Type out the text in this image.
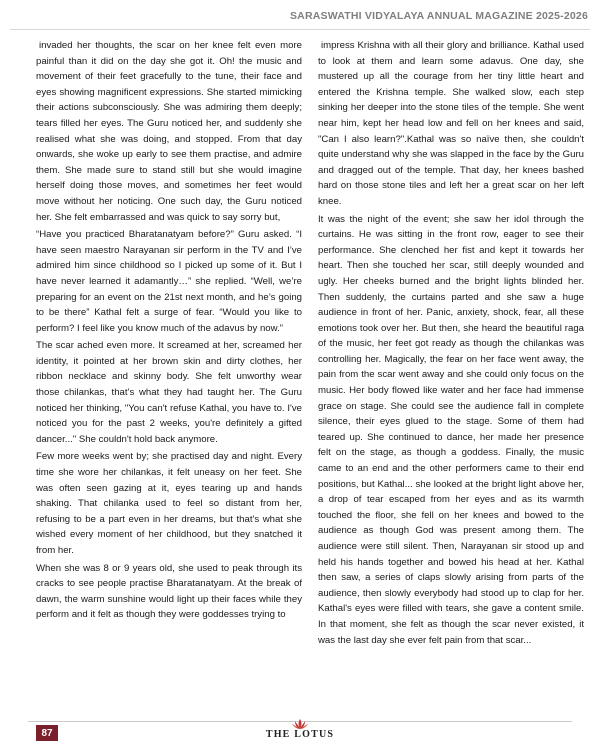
SARASWATHI VIDYALAYA ANNUAL MAGAZINE 2025-2026

invaded her thoughts, the scar on her knee felt even more painful than it did on the day she got it. Oh! the music and movement of their feet gracefully to the tune, their face and eyes showing magnificent expressions. She started mimicking their actions subconsciously. She was admiring them deeply; tears filled her eyes. The Guru noticed her, and suddenly she realised what she was doing, and stopped. From that day onwards, she woke up early to see them practise, and admire them. She made sure to stand still but she would imagine herself doing those moves, and sometimes her feet would move without her noticing. One such day, the Guru noticed her. She felt embarrassed and was quick to say sorry but,

“Have you practiced Bharatanatyam before?” Guru asked. “I have seen maestro Narayanan sir perform in the TV and I’ve admired him since childhood so I picked up some of it. But I have never learned it adamantly…” she replied. “Well, we’re preparing for an event on the 21st next month, and he’s going to be there” Kathal felt a surge of fear. “Would you like to perform? I feel like you know much of the adavus by now.”

The scar ached even more. It screamed at her, screamed her identity, it pointed at her brown skin and dirty clothes, her ribbon necklace and skinny body. She felt unworthy wear those chilankas, that’s what they had taught her. The Guru noticed her thinking, "You can't refuse Kathal, you have to. I've noticed you for the past 2 weeks, you're definitely a gifted dancer..." She couldn't hold back anymore.

Few more weeks went by; she practised day and night. Every time she wore her chilankas, it felt uneasy on her feet. She was often seen gazing at it, eyes tearing up and hands shaking. That chilanka used to feel so distant from her, refusing to be a part even in her dreams, but that's what she wished every moment of her childhood, but they snatched it from her.

When she was 8 or 9 years old, she used to peak through its cracks to see people practise Bharatanatyam. At the break of dawn, the warm sunshine would light up their faces while they perform and it felt as though they were goddesses trying to

impress Krishna with all their glory and brilliance. Kathal used to look at them and learn some adavus. One day, she mustered up all the courage from her tiny little heart and entered the Krishna temple. She walked slow, each step sinking her deeper into the stone tiles of the temple. She went near him, kept her head low and fell on her knees and said, "Can I also learn?".Kathal was so naïve then, she couldn't quite understand why she was slapped in the face by the Guru and dragged out of the temple. That day, her knees bashed hard on those stone tiles and left her a great scar on her left knee.

It was the night of the event; she saw her idol through the curtains. He was sitting in the front row, eager to see their performance. She clenched her fist and kept it towards her heart. Then she touched her scar, still deeply wounded and ugly. Her cheeks burned and the bright lights blinded her. Then suddenly, the curtains parted and she saw a huge audience in front of her. Panic, anxiety, shock, fear, all these emotions took over her. But then, she heard the beautiful raga of the music, her feet got ready as though the chilankas was controlling her. Magically, the fear on her face went away, the pain from the scar went away and she could only focus on the music. Her body flowed like water and her face had immense grace on stage. She could see the audience fall in complete silence, their eyes glued to the stage. Some of them had teared up. She continued to dance, her made her presence felt on the stage, as though a goddess. Finally, the music came to an end and the other performers came to their end positions, but Kathal... she looked at the bright light above her, a drop of tear escaped from her eyes and as its warmth touched the floor, she fell on her knees and bowed to the audience as though God was present among them. The audience were still silent. Then, Narayanan sir stood up and held his hands together and bowed his head at her. Kathal then saw, a series of claps slowly arising from parts of the audience, then slowly everybody had stood up to clap for her. Kathal's eyes were filled with tears, she gave a content smile. In that moment, she felt as though the scar never existed, it was the last day she ever felt pain from that scar...

87	THE LOTUS
